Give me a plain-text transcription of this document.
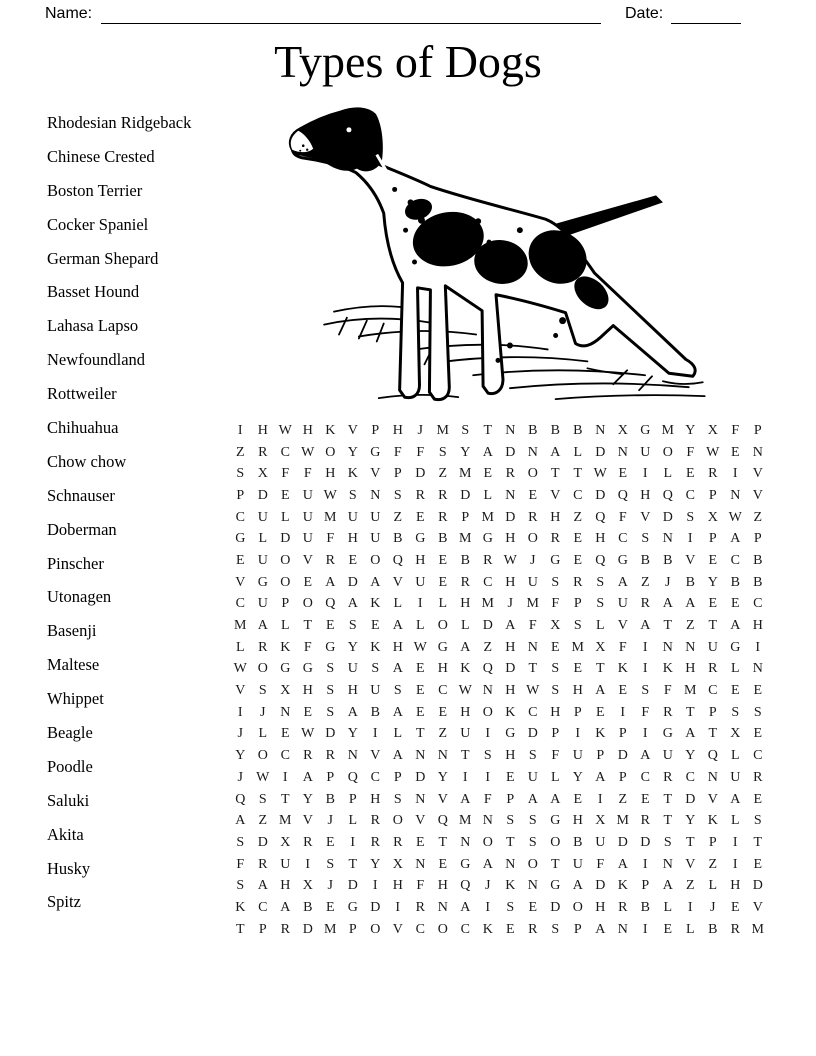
Name:	Date:
Types of Dogs
Rhodesian Ridgeback
Chinese Crested
Boston Terrier
Cocker Spaniel
German Shepard
Basset Hound
Lahasa Lapso
Newfoundland
Rottweiler
Chihuahua
Chow chow
Schnauser
Doberman
Pinscher
Utonagen
Basenji
Maltese
Whippet
Beagle
Poodle
Saluki
Akita
Husky
Spitz
I	H W H K V P H	J M S	T N B B B N X G M Y X F	P
Z R C W O Y G F	F	S Y A D N A L D N U O F W E N
S X F	F H K V P D Z M E R O T T W E	I	L E R	I	V
P D E U W S N S R R D L N E V C D Q H Q C P N V
C U L U M U U Z E R P M D R H Z Q F V D S X W Z
G L D U F H U B G B M G H O R E H C S N	I	P A P
E U O V R E O Q H E B R W J	G E Q G B B V E C B
V G O E A D A V U E R C H U S R S A Z	J	B Y B B
C U P O Q A K L	I	L H M J M F	P	S U R A A E E C
M A L T E	S	E A L O L D A F X S	L V A T Z T A H
L R K F G Y K H W G A Z H N E M X F	I	N N U G	I
W O G G S U S A E H K Q D T	S	E T K	I	K H R L N
V S X H S H U S	E C W N H W S H A E	S	F M C E E
I	J	N E	S A B A E E H O K C H P	E	I	F R T	P	S	S
J	L E W D Y	I	L T Z U	I	G D P	I	K P	I	G A T X E
Y O C R R N V A N N T	S H S	F U P D A U Y Q L C
J W I	A P Q C P D Y	I	I	E U L Y A P C R C N U R
Q S	T Y B P H S N V A F	P A A E	I	Z E T D V A E
A Z M V	J	L R O V Q M N S	S G H X M R T Y K L	S
S D X R E	I	R R E T N O T	S O B U D D S	T	P	I	T
F R U	I	S	T Y X N E G A N O T U F A	I	N V Z	I	E
S A H X	J	D	I	H F H Q	J	K N G A D K P A Z L H D
K C A B E G D	I	R N A	I	S	E D O H R B L	I	J	E V
T	P R D M P O V C O C K E R S	P A N	I	E L B R M
